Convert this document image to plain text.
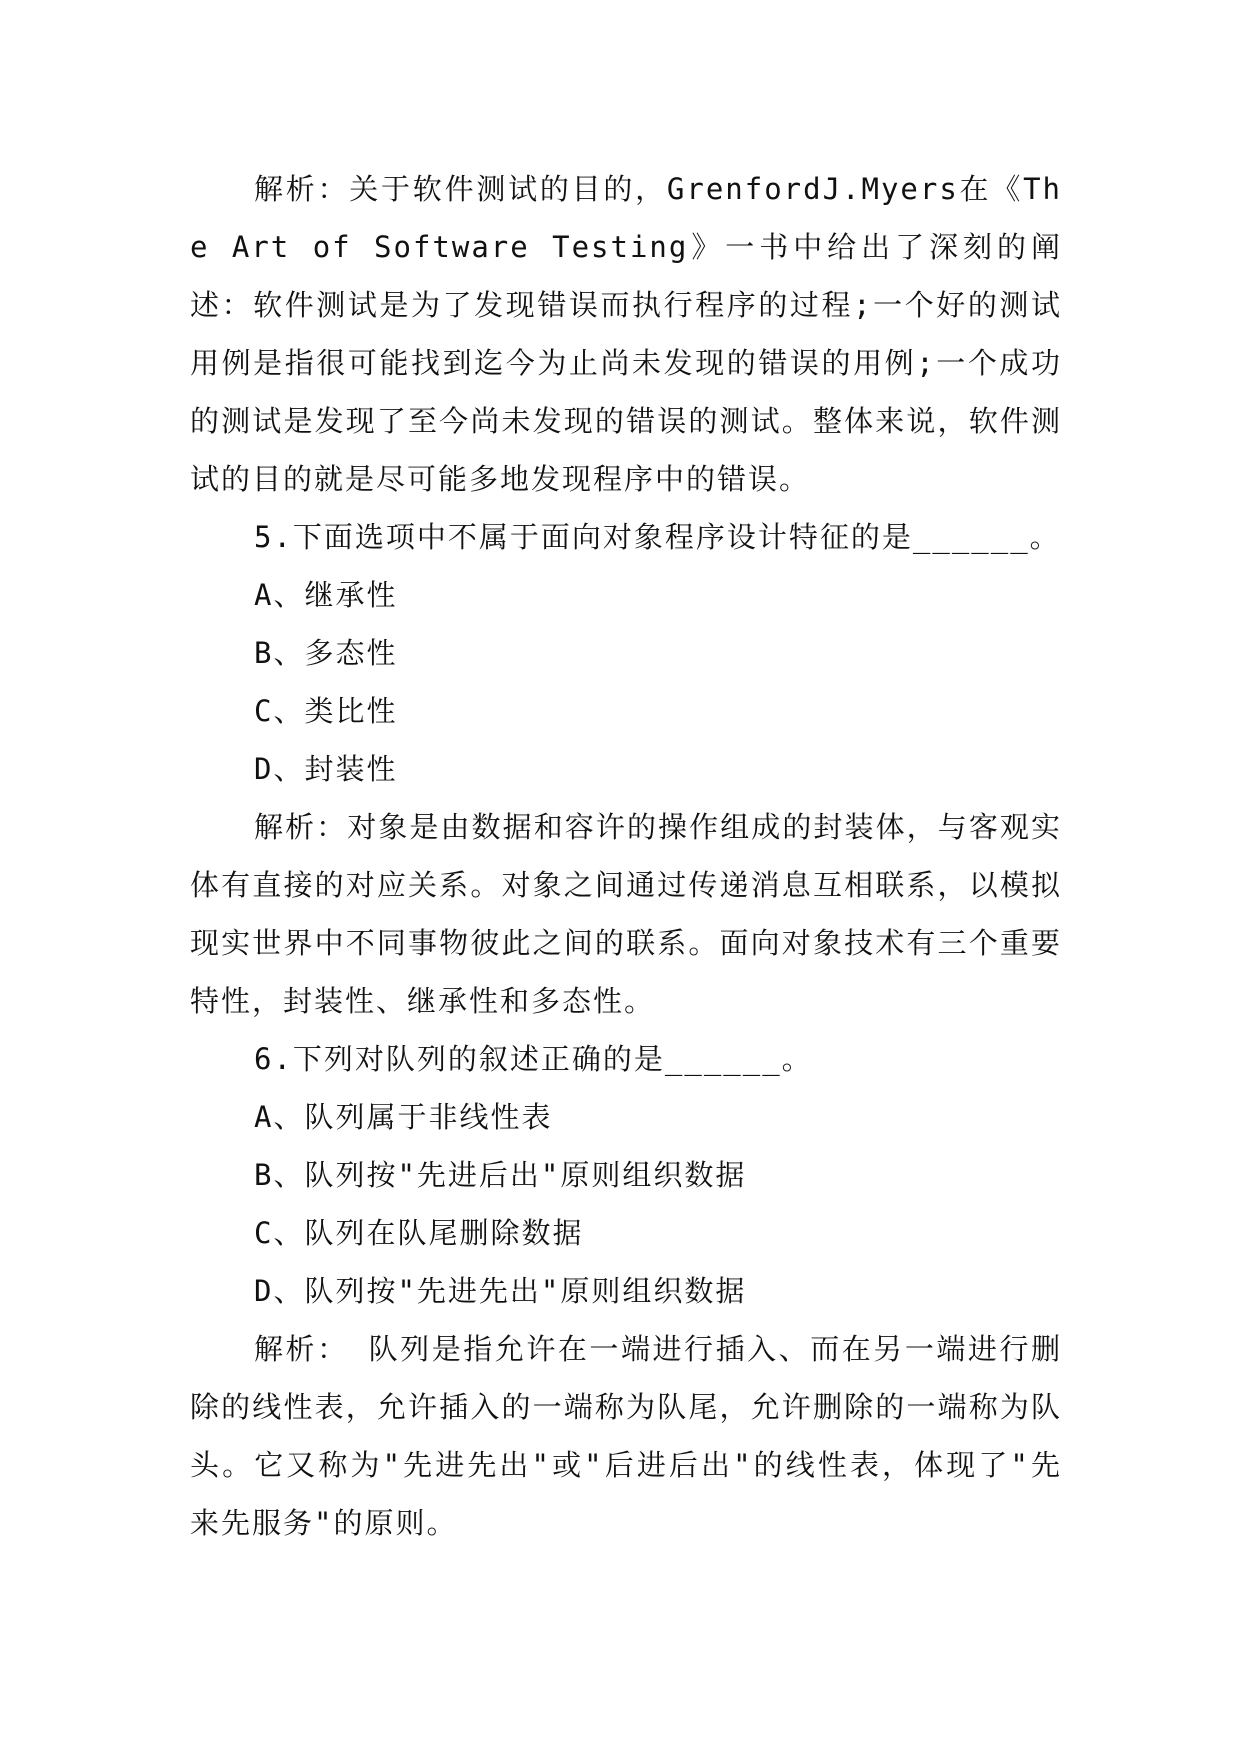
解析：关于软件测试的目的，GrenfordJ.Myers在《The Art of Software Testing》一书中给出了深刻的阐述：软件测试是为了发现错误而执行程序的过程;一个好的测试用例是指很可能找到迄今为止尚未发现的错误的用例;一个成功的测试是发现了至今尚未发现的错误的测试。整体来说，软件测试的目的就是尽可能多地发现程序中的错误。

5.下面选项中不属于面向对象程序设计特征的是______。

A、继承性

B、多态性

C、类比性

D、封装性

解析：对象是由数据和容许的操作组成的封装体，与客观实体有直接的对应关系。对象之间通过传递消息互相联系，以模拟现实世界中不同事物彼此之间的联系。面向对象技术有三个重要特性，封装性、继承性和多态性。

6.下列对队列的叙述正确的是______。

A、队列属于非线性表

B、队列按"先进后出"原则组织数据

C、队列在队尾删除数据

D、队列按"先进先出"原则组织数据

解析： 队列是指允许在一端进行插入、而在另一端进行删除的线性表，允许插入的一端称为队尾，允许删除的一端称为队头。它又称为"先进先出"或"后进后出"的线性表，体现了"先来先服务"的原则。
